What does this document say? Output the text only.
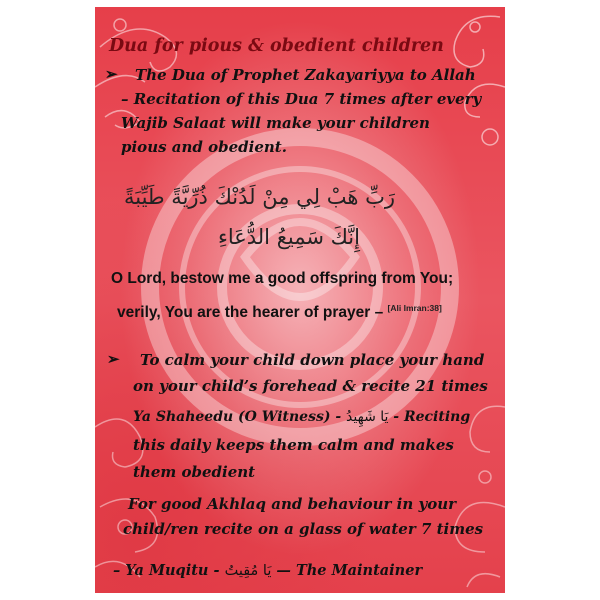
Dua for pious & obedient children
➢ The Dua of Prophet Zakayariyya to Allah

– Recitation of this Dua 7 times after every

Wajib Salaat will make your children

pious and obedient.

رَبِّ هَبْ لِي مِنْ لَدُنْكَ ذُرِّيَّةً طَيِّبَةً
إِنَّكَ سَمِيعُ الدُّعَاءِ

O Lord, bestow me a good offspring from You;

verily, You are the hearer of prayer – [Ali Imran:38]

➢ To calm your child down place your hand

on your child’s forehead & recite 21 times

Ya Shaheedu (O Witness) - يَا شَهِيدُ - Reciting

this daily keeps them calm and makes

them obedient

For good Akhlaq and behaviour in your

child/ren recite on a glass of water 7 times

– Ya Muqitu - يَا مُقِيتُ — The Maintainer
